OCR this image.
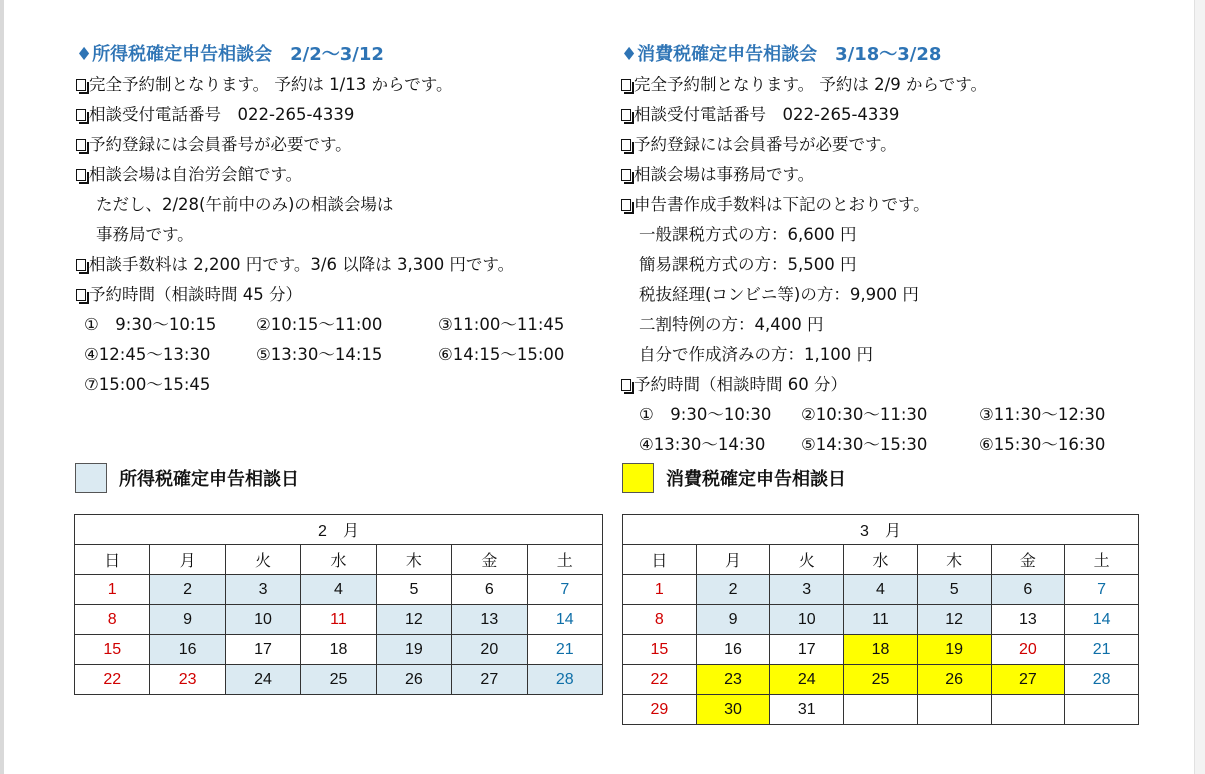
♦所得税確定申告相談会　2/2～3/12
完全予約制となります。 予約は 1/13 からです。
相談受付電話番号　022-265-4339
予約登録には会員番号が必要です。
相談会場は自治労会館です。
ただし、2/28(午前中のみ)の相談会場は
事務局です。
相談手数料は 2,200 円です。3/6 以降は 3,300 円です。
予約時間（相談時間 45 分）
①　9:30～10:15	②10:15～11:00	③11:00～11:45
④12:45～13:30	⑤13:30～14:15	⑥14:15～15:00
⑦15:00～15:45
♦消費税確定申告相談会　3/18～3/28
完全予約制となります。 予約は 2/9 からです。
相談受付電話番号　022-265-4339
予約登録には会員番号が必要です。
相談会場は事務局です。
申告書作成手数料は下記のとおりです。
一般課税方式の方：6,600 円
簡易課税方式の方：5,500 円
税抜経理(コンビニ等)の方：9,900 円
二割特例の方：4,400 円
自分で作成済みの方：1,100 円
予約時間（相談時間 60 分）
①　9:30～10:30	②10:30～11:30	③11:30～12:30
④13:30～14:30	⑤14:30～15:30	⑥15:30～16:30
所得税確定申告相談日	消費税確定申告相談日
2　月						
日	月	火	水	木	金	土
1	2	3	4	5	6	7
8	9	10	11	12	13	14
15	16	17	18	19	20	21
22	23	24	25	26	27	28
3　月						
日	月	火	水	木	金	土
1	2	3	4	5	6	7
8	9	10	11	12	13	14
15	16	17	18	19	20	21
22	23	24	25	26	27	28
29	30	31				
